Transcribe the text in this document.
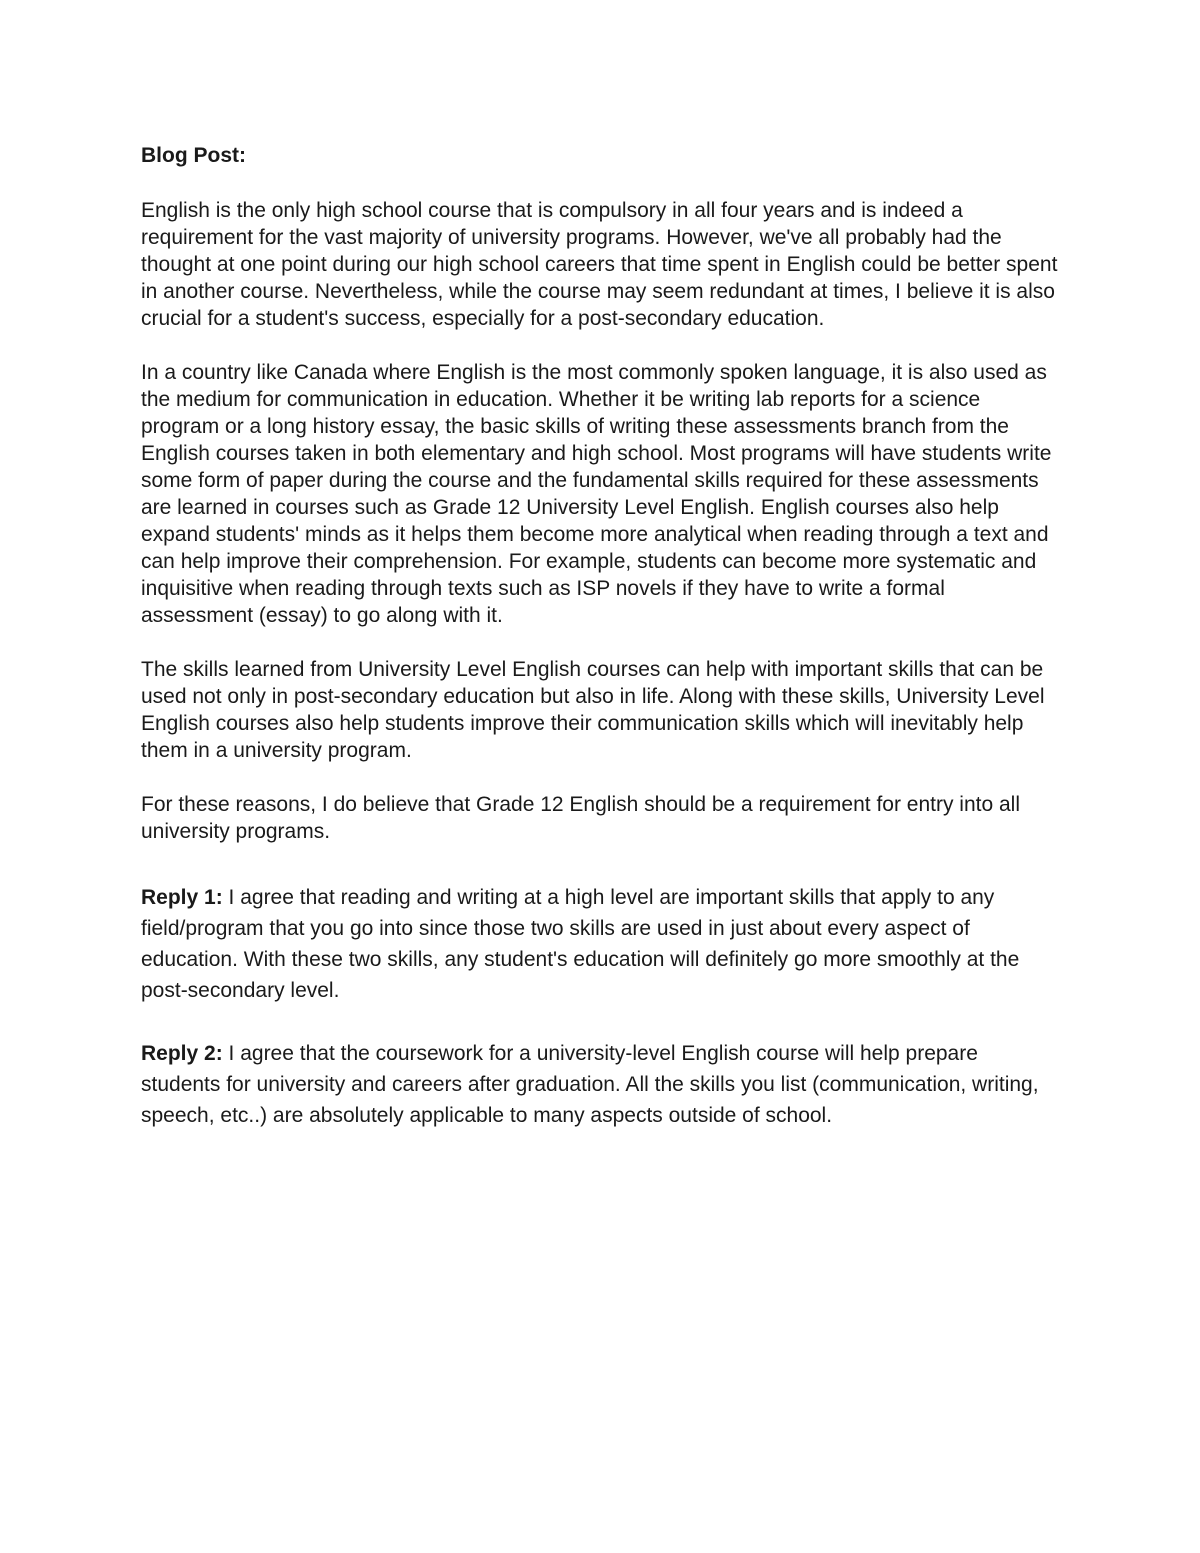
Blog Post:

English is the only high school course that is compulsory in all four years and is indeed a requirement for the vast majority of university programs. However, we've all probably had the thought at one point during our high school careers that time spent in English could be better spent in another course. Nevertheless, while the course may seem redundant at times, I believe it is also crucial for a student's success, especially for a post-secondary education.

In a country like Canada where English is the most commonly spoken language, it is also used as the medium for communication in education. Whether it be writing lab reports for a science program or a long history essay, the basic skills of writing these assessments branch from the English courses taken in both elementary and high school. Most programs will have students write some form of paper during the course and the fundamental skills required for these assessments are learned in courses such as Grade 12 University Level English. English courses also help expand students' minds as it helps them become more analytical when reading through a text and can help improve their comprehension. For example, students can become more systematic and inquisitive when reading through texts such as ISP novels if they have to write a formal assessment (essay) to go along with it.

The skills learned from University Level English courses can help with important skills that can be used not only in post-secondary education but also in life. Along with these skills, University Level English courses also help students improve their communication skills which will inevitably help them in a university program.

For these reasons, I do believe that Grade 12 English should be a requirement for entry into all university programs.

Reply 1: I agree that reading and writing at a high level are important skills that apply to any field/program that you go into since those two skills are used in just about every aspect of education. With these two skills, any student's education will definitely go more smoothly at the post-secondary level.

Reply 2: I agree that the coursework for a university-level English course will help prepare students for university and careers after graduation. All the skills you list (communication, writing, speech, etc..) are absolutely applicable to many aspects outside of school.
